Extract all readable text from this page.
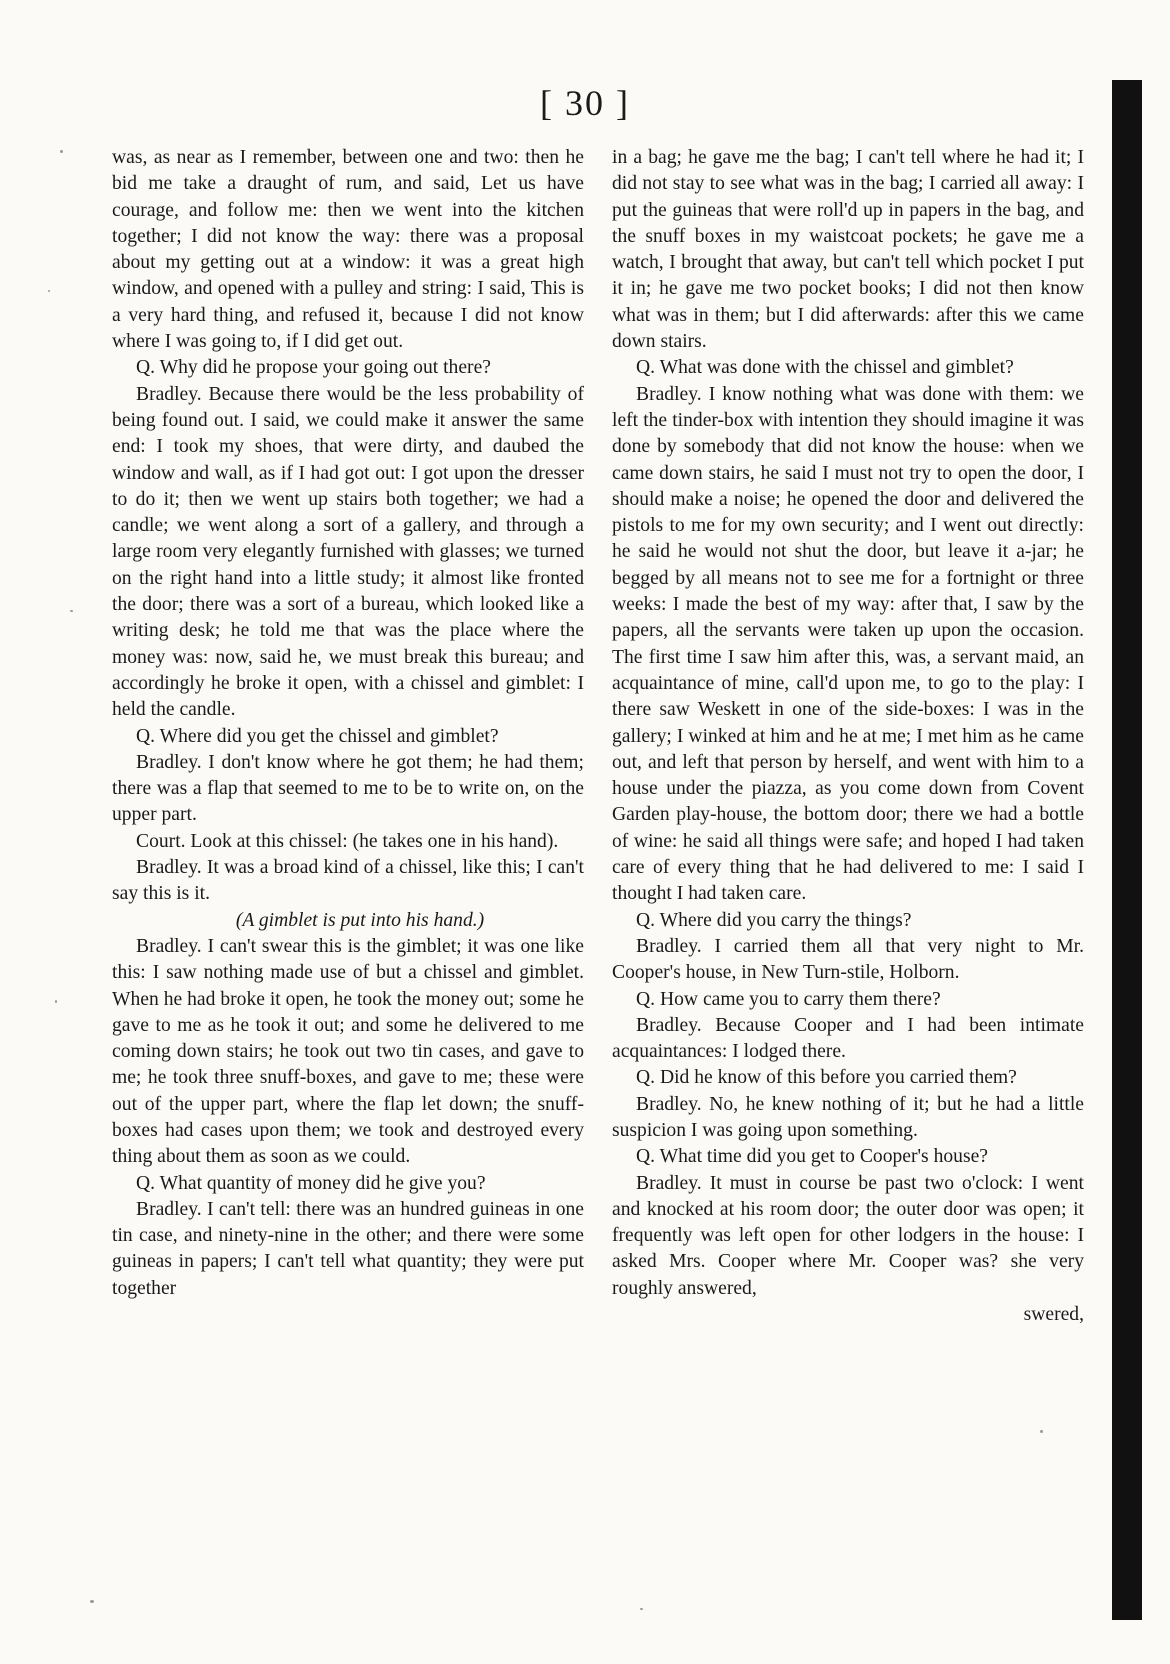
[ 30 ]

was, as near as I remember, between one and two: then he bid me take a draught of rum, and said, Let us have courage, and follow me: then we went into the kitchen together; I did not know the way: there was a proposal about my getting out at a window: it was a great high window, and opened with a pulley and string: I said, This is a very hard thing, and refused it, because I did not know where I was going to, if I did get out.

Q. Why did he propose your going out there?

Bradley. Because there would be the less probability of being found out. I said, we could make it answer the same end: I took my shoes, that were dirty, and daubed the window and wall, as if I had got out: I got upon the dresser to do it; then we went up stairs both together; we had a candle; we went along a sort of a gallery, and through a large room very elegantly furnished with glasses; we turned on the right hand into a little study; it almost like fronted the door; there was a sort of a bureau, which looked like a writing desk; he told me that was the place where the money was: now, said he, we must break this bureau; and accordingly he broke it open, with a chissel and gimblet: I held the candle.

Q. Where did you get the chissel and gimblet?

Bradley. I don't know where he got them; he had them; there was a flap that seemed to me to be to write on, on the upper part.

Court. Look at this chissel: (he takes one in his hand).

Bradley. It was a broad kind of a chissel, like this; I can't say this is it.

(A gimblet is put into his hand.)

Bradley. I can't swear this is the gimblet; it was one like this: I saw nothing made use of but a chissel and gimblet. When he had broke it open, he took the money out; some he gave to me as he took it out; and some he delivered to me coming down stairs; he took out two tin cases, and gave to me; he took three snuff-boxes, and gave to me; these were out of the upper part, where the flap let down; the snuff-boxes had cases upon them; we took and destroyed every thing about them as soon as we could.

Q. What quantity of money did he give you?

Bradley. I can't tell: there was an hundred guineas in one tin case, and ninety-nine in the other; and there were some guineas in papers; I can't tell what quantity; they were put together

in a bag; he gave me the bag; I can't tell where he had it; I did not stay to see what was in the bag; I carried all away: I put the guineas that were roll'd up in papers in the bag, and the snuff boxes in my waistcoat pockets; he gave me a watch, I brought that away, but can't tell which pocket I put it in; he gave me two pocket books; I did not then know what was in them; but I did afterwards: after this we came down stairs.

Q. What was done with the chissel and gimblet?

Bradley. I know nothing what was done with them: we left the tinder-box with intention they should imagine it was done by somebody that did not know the house: when we came down stairs, he said I must not try to open the door, I should make a noise; he opened the door and delivered the pistols to me for my own security; and I went out directly: he said he would not shut the door, but leave it a-jar; he begged by all means not to see me for a fortnight or three weeks: I made the best of my way: after that, I saw by the papers, all the servants were taken up upon the occasion. The first time I saw him after this, was, a servant maid, an acquaintance of mine, call'd upon me, to go to the play: I there saw Weskett in one of the side-boxes: I was in the gallery; I winked at him and he at me; I met him as he came out, and left that person by herself, and went with him to a house under the piazza, as you come down from Covent Garden play-house, the bottom door; there we had a bottle of wine: he said all things were safe; and hoped I had taken care of every thing that he had delivered to me: I said I thought I had taken care.

Q. Where did you carry the things?

Bradley. I carried them all that very night to Mr. Cooper's house, in New Turn-stile, Holborn.

Q. How came you to carry them there?

Bradley. Because Cooper and I had been intimate acquaintances: I lodged there.

Q. Did he know of this before you carried them?

Bradley. No, he knew nothing of it; but he had a little suspicion I was going upon something.

Q. What time did you get to Cooper's house?

Bradley. It must in course be past two o'clock: I went and knocked at his room door; the outer door was open; it frequently was left open for other lodgers in the house: I asked Mrs. Cooper where Mr. Cooper was? she very roughly answered,

swered,
